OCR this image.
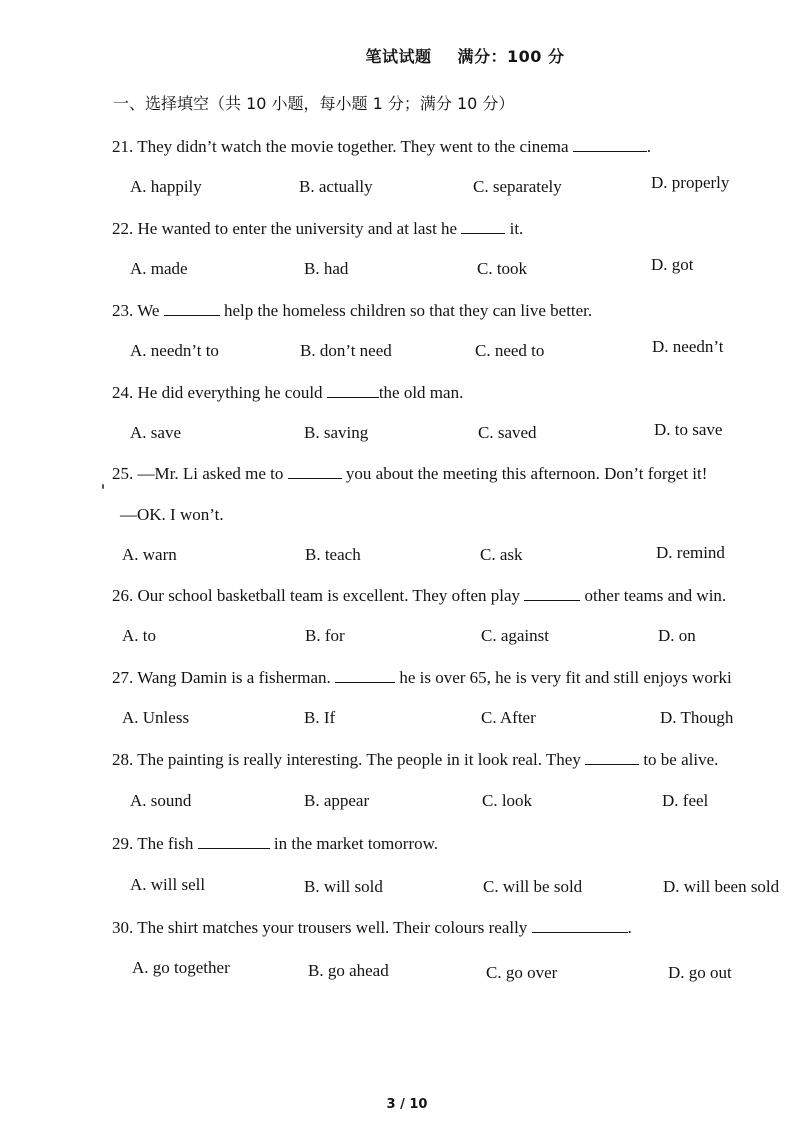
笔试试题 满分：100 分
一、选择填空（共 10 小题，每小题 1 分；满分 10 分）
21. They didn’t watch the movie together. They went to the cinema	.
A. happily	B. actually	C. separately	D. properly
22. He wanted to enter the university and at last he	it.
A. made	B. had	C. took	D. got
23. We	help the homeless children so that they can live better.
A. needn’t to	B. don’t need	C. need to	D. needn’t
24. He did everything he could	the old man.
A. save	B. saving	C. saved	D. to save
25. —Mr. Li asked me to	you about the meeting this afternoon. Don’t forget it!
—OK. I won’t.
A. warn	B. teach	C. ask	D. remind
26. Our school basketball team is excellent. They often play	other teams and win.
A. to	B. for	C. against	D. on
27. Wang Damin is a fisherman.	he is over 65, he is very fit and still enjoys worki
A. Unless	B. If	C. After	D. Though
28. The painting is really interesting. The people in it look real. They	to be alive.
A. sound	B. appear	C. look	D. feel
29. The fish	in the market tomorrow.
A. will sell	B. will sold	C. will be sold	D. will been sold
30. The shirt matches your trousers well. Their colours really	.
A. go together	B. go ahead	C. go over	D. go out
3 / 10
